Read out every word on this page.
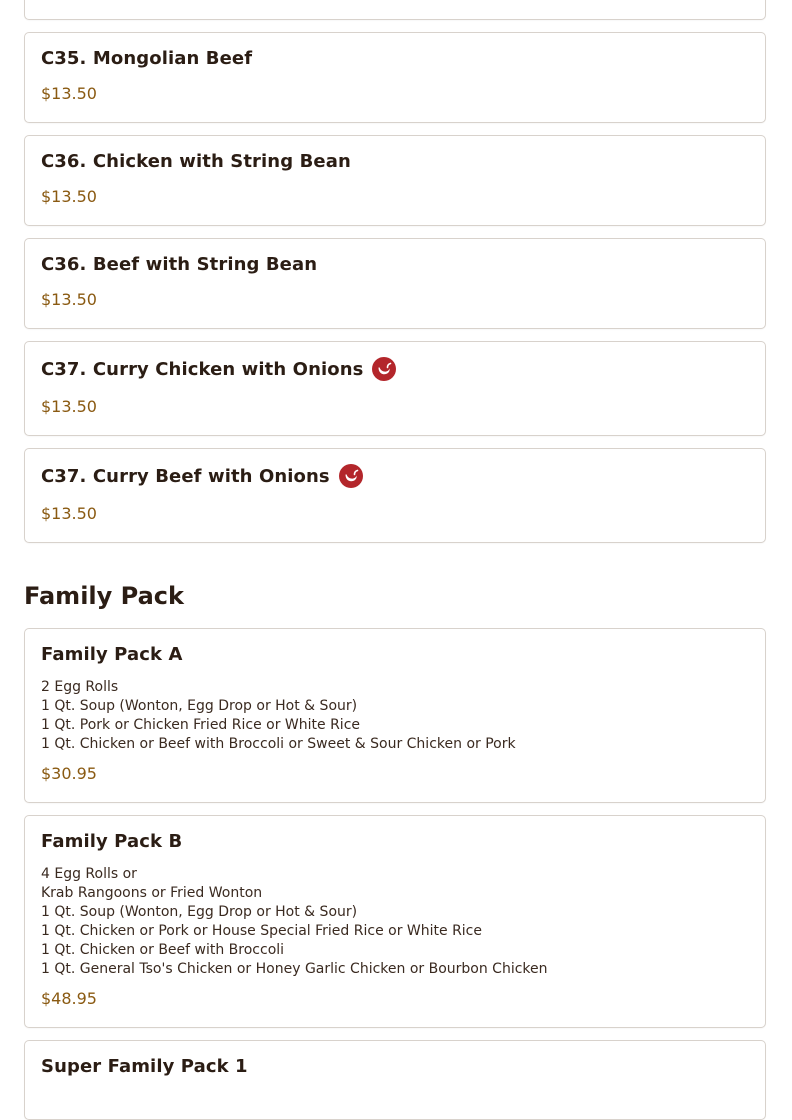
C35. Mongolian Beef
$13.50
C36. Chicken with String Bean
$13.50
C36. Beef with String Bean
$13.50
C37. Curry Chicken with Onions
$13.50
C37. Curry Beef with Onions
$13.50
Family Pack
Family Pack A
2 Egg Rolls
1 Qt. Soup (Wonton, Egg Drop or Hot & Sour)
1 Qt. Pork or Chicken Fried Rice or White Rice
1 Qt. Chicken or Beef with Broccoli or Sweet & Sour Chicken or Pork
$30.95
Family Pack B
4 Egg Rolls or
Krab Rangoons or Fried Wonton
1 Qt. Soup (Wonton, Egg Drop or Hot & Sour)
1 Qt. Chicken or Pork or House Special Fried Rice or White Rice
1 Qt. Chicken or Beef with Broccoli
1 Qt. General Tso's Chicken or Honey Garlic Chicken or Bourbon Chicken
$48.95
Super Family Pack 1
